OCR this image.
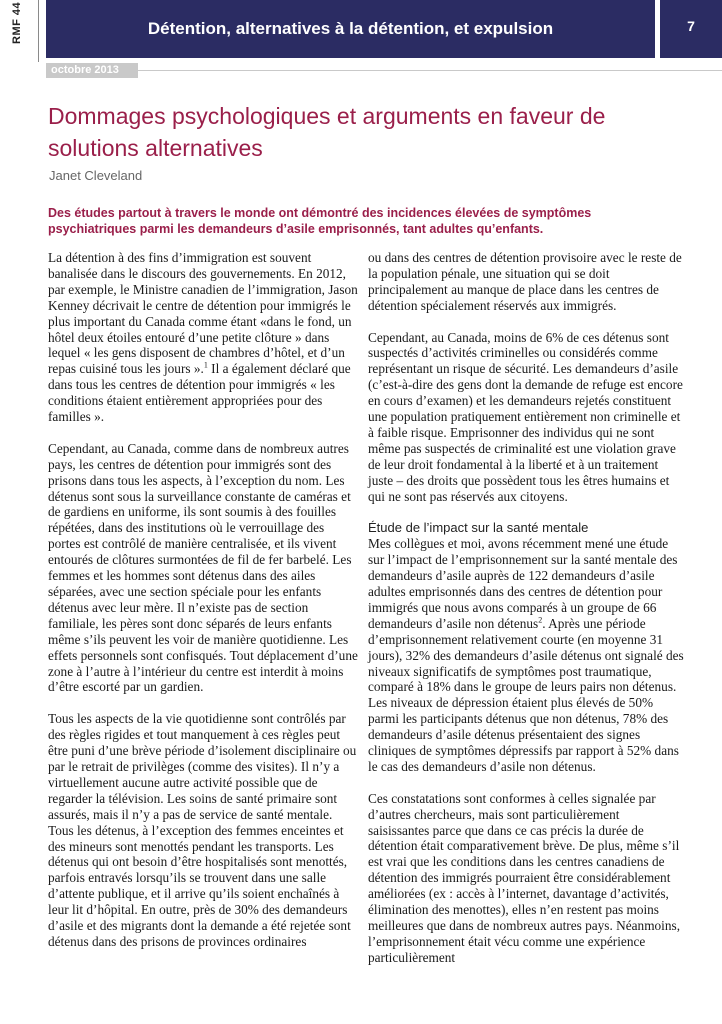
RMF 44	Détention, alternatives à la détention, et expulsion	7
octobre 2013
Dommages psychologiques et arguments en faveur de solutions alternatives
Janet Cleveland
Des études partout à travers le monde ont démontré des incidences élevées de symptômes psychiatriques parmi les demandeurs d’asile emprisonnés, tant adultes qu’enfants.

La détention à des fins d’immigration est souvent banalisée dans le discours des gouvernements. En 2012, par exemple, le Ministre canadien de l’immigration, Jason Kenney décrivait le centre de détention pour immigrés le plus important du Canada comme étant «dans le fond, un hôtel deux étoiles entouré d’une petite clôture » dans lequel « les gens disposent de chambres d’hôtel, et d’un repas cuisiné tous les jours ».$^1$ Il a également déclaré que dans tous les centres de détention pour immigrés « les conditions étaient entièrement appropriées pour des familles ».

Cependant, au Canada, comme dans de nombreux autres pays, les centres de détention pour immigrés sont des prisons dans tous les aspects, à l’exception du nom. Les détenus sont sous la surveillance constante de caméras et de gardiens en uniforme, ils sont soumis à des fouilles répétées, dans des institutions où le verrouillage des portes est contrôlé de manière centralisée, et ils vivent entourés de clôtures surmontées de fil de fer barbelé. Les femmes et les hommes sont détenus dans des ailes séparées, avec une section spéciale pour les enfants détenus avec leur mère. Il n’existe pas de section familiale, les pères sont donc séparés de leurs enfants même s’ils peuvent les voir de manière quotidienne. Les effets personnels sont confisqués. Tout déplacement d’une zone à l’autre à l’intérieur du centre est interdit à moins d’être escorté par un gardien.

Tous les aspects de la vie quotidienne sont contrôlés par des règles rigides et tout manquement à ces règles peut être puni d’une brève période d’isolement disciplinaire ou par le retrait de privilèges (comme des visites). Il n’y a virtuellement aucune autre activité possible que de regarder la télévision. Les soins de santé primaire sont assurés, mais il n’y a pas de service de santé mentale. Tous les détenus, à l’exception des femmes enceintes et des mineurs sont menottés pendant les transports. Les détenus qui ont besoin d’être hospitalisés sont menottés, parfois entravés lorsqu’ils se trouvent dans une salle d’attente publique, et il arrive qu’ils soient enchaînés à leur lit d’hôpital. En outre, près de 30% des demandeurs d’asile et des migrants dont la demande a été rejetée sont détenus dans des prisons de provinces ordinaires

ou dans des centres de détention provisoire avec le reste de la population pénale, une situation qui se doit principalement au manque de place dans les centres de détention spécialement réservés aux immigrés.

Cependant, au Canada, moins de 6% de ces détenus sont suspectés d’activités criminelles ou considérés comme représentant un risque de sécurité. Les demandeurs d’asile (c’est-à-dire des gens dont la demande de refuge est encore en cours d’examen) et les demandeurs rejetés constituent une population pratiquement entièrement non criminelle et à faible risque. Emprisonner des individus qui ne sont même pas suspectés de criminalité est une violation grave de leur droit fondamental à la liberté et à un traitement juste – des droits que possèdent tous les êtres humains et qui ne sont pas réservés aux citoyens.

Étude de l’impact sur la santé mentale
Mes collègues et moi, avons récemment mené une étude sur l’impact de l’emprisonnement sur la santé mentale des demandeurs d’asile auprès de 122 demandeurs d’asile adultes emprisonnés dans des centres de détention pour immigrés que nous avons comparés à un groupe de 66 demandeurs d’asile non détenus$^2$. Après une période d’emprisonnement relativement courte (en moyenne 31 jours), 32% des demandeurs d’asile détenus ont signalé des niveaux significatifs de symptômes post traumatique, comparé à 18% dans le groupe de leurs pairs non détenus. Les niveaux de dépression étaient plus élevés de 50% parmi les participants détenus que non détenus, 78% des demandeurs d’asile détenus présentaient des signes cliniques de symptômes dépressifs par rapport à 52% dans le cas des demandeurs d’asile non détenus.

Ces constatations sont conformes à celles signalée par d’autres chercheurs, mais sont particulièrement saisissantes parce que dans ce cas précis la durée de détention était comparativement brève. De plus, même s’il est vrai que les conditions dans les centres canadiens de détention des immigrés pourraient être considérablement améliorées (ex : accès à l’internet, davantage d’activités, élimination des menottes), elles n’en restent pas moins meilleures que dans de nombreux autres pays. Néanmoins, l’emprisonnement était vécu comme une expérience particulièrement
